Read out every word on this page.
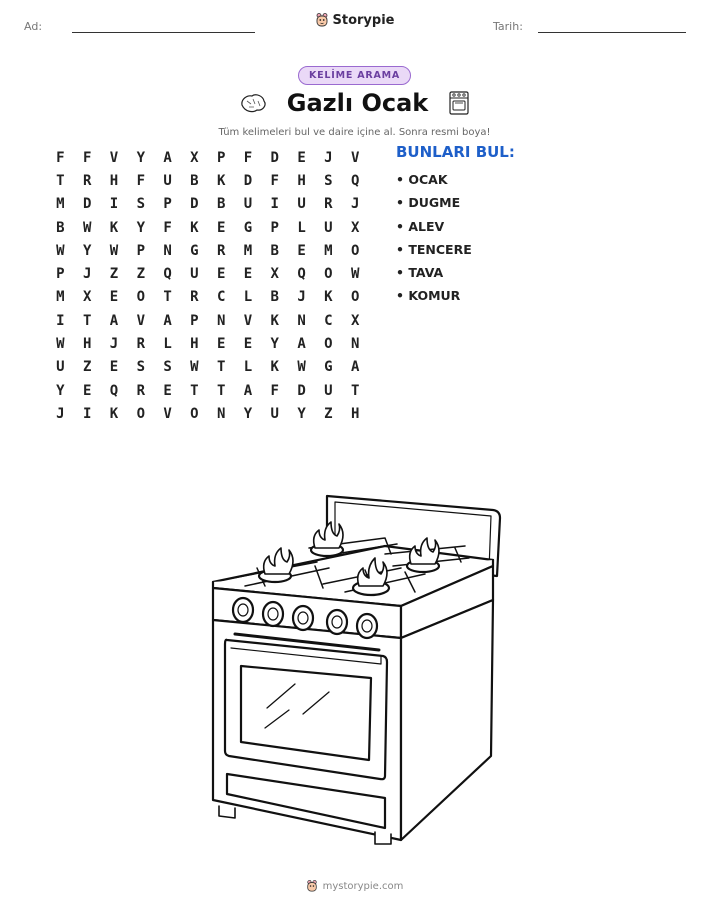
Ad:	Storypie	Tarih:
KELİME ARAMA
Gazlı Ocak
Tüm kelimeleri bul ve daire içine al. Sonra resmi boya!
F	F	V	Y	A	X	P	F	D	E	J	V
T	R	H	F	U	B	K	D	F	H	S	Q
M	D	I	S	P	D	B	U	I	U	R	J
B	W	K	Y	F	K	E	G	P	L	U	X
W	Y	W	P	N	G	R	M	B	E	M	O
P	J	Z	Z	Q	U	E	E	X	Q	O	W
M	X	E	O	T	R	C	L	B	J	K	O
I	T	A	V	A	P	N	V	K	N	C	X
W	H	J	R	L	H	E	E	Y	A	O	N
U	Z	E	S	S	W	T	L	K	W	G	A
Y	E	Q	R	E	T	T	A	F	D	U	T
J	I	K	O	V	O	N	Y	U	Y	Z	H
BUNLARI BUL:
• OCAK
• DUGME
• ALEV
• TENCERE
• TAVA
• KOMUR
mystorypie.com
